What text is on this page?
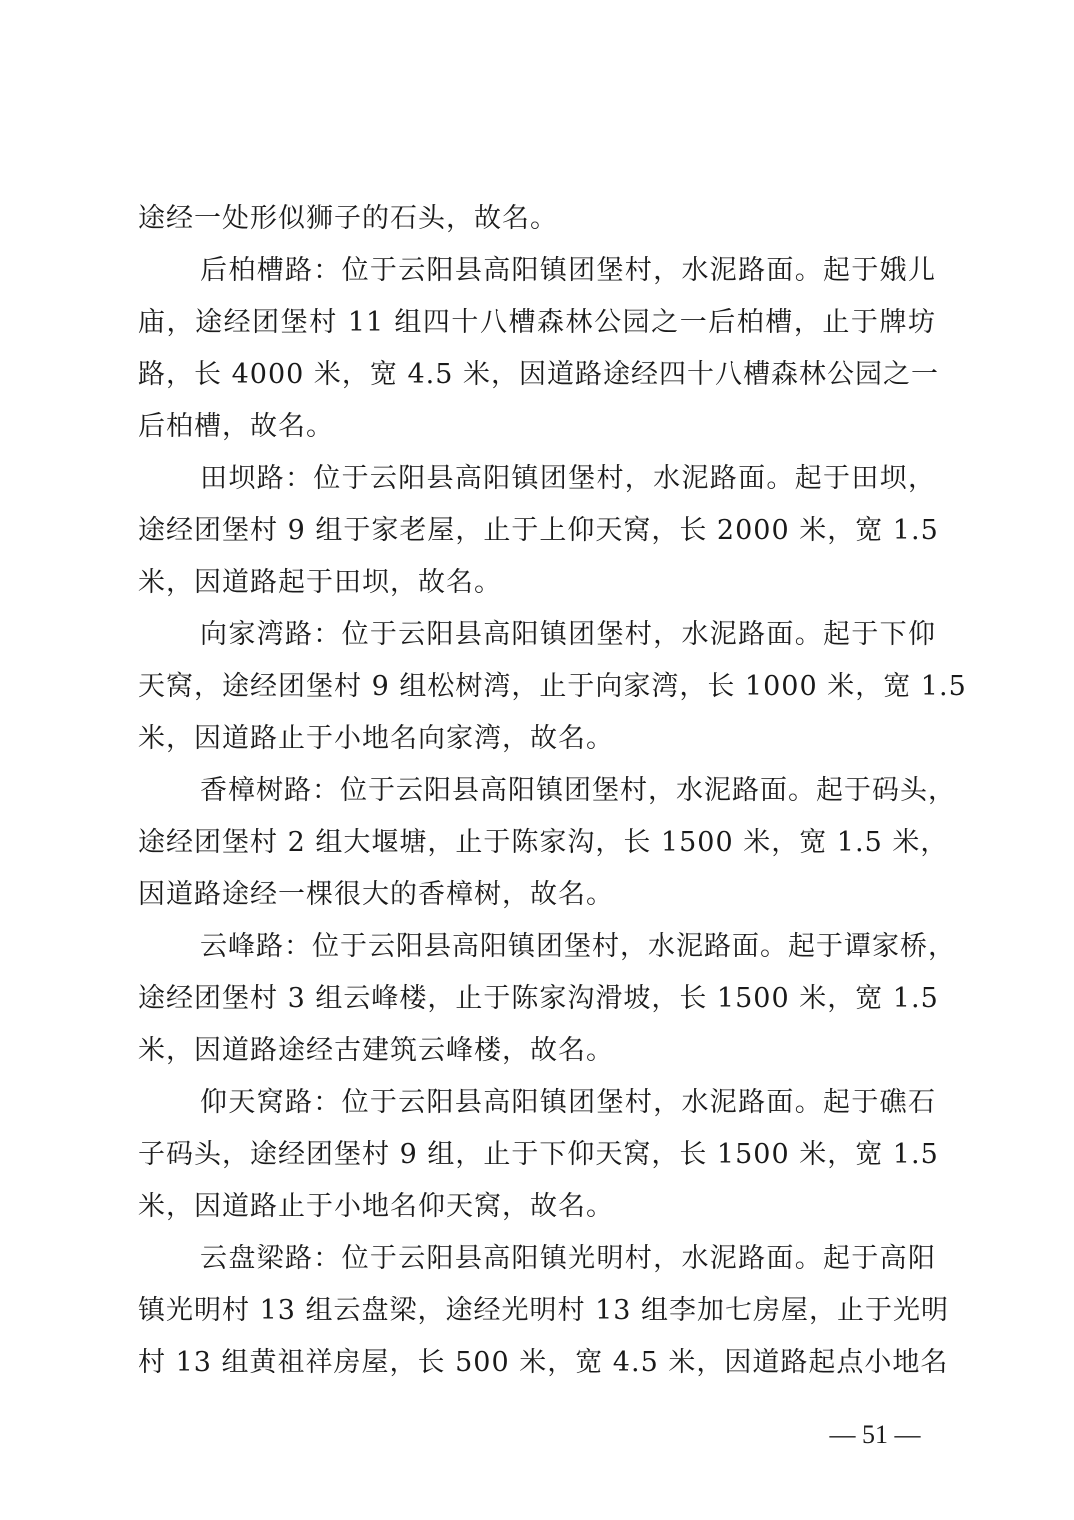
途经一处形似狮子的石头，故名。
后柏槽路：位于云阳县高阳镇团堡村，水泥路面。起于娥儿
庙，途经团堡村 11 组四十八槽森林公园之一后柏槽，止于牌坊
路，长 4000 米，宽 4.5 米，因道路途经四十八槽森林公园之一
后柏槽，故名。
田坝路：位于云阳县高阳镇团堡村，水泥路面。起于田坝，
途经团堡村 9 组于家老屋，止于上仰天窝，长 2000 米，宽 1.5
米，因道路起于田坝，故名。
向家湾路：位于云阳县高阳镇团堡村，水泥路面。起于下仰
天窝，途经团堡村 9 组松树湾，止于向家湾，长 1000 米，宽 1.5
米，因道路止于小地名向家湾，故名。
香樟树路：位于云阳县高阳镇团堡村，水泥路面。起于码头，
途经团堡村 2 组大堰塘，止于陈家沟，长 1500 米，宽 1.5 米，
因道路途经一棵很大的香樟树，故名。
云峰路：位于云阳县高阳镇团堡村，水泥路面。起于谭家桥，
途经团堡村 3 组云峰楼，止于陈家沟滑坡，长 1500 米，宽 1.5
米，因道路途经古建筑云峰楼，故名。
仰天窝路：位于云阳县高阳镇团堡村，水泥路面。起于礁石
子码头，途经团堡村 9 组，止于下仰天窝，长 1500 米，宽 1.5
米，因道路止于小地名仰天窝，故名。
云盘梁路：位于云阳县高阳镇光明村，水泥路面。起于高阳
镇光明村 13 组云盘梁，途经光明村 13 组李加七房屋，止于光明
村 13 组黄祖祥房屋，长 500 米，宽 4.5 米，因道路起点小地名
— 51 —
